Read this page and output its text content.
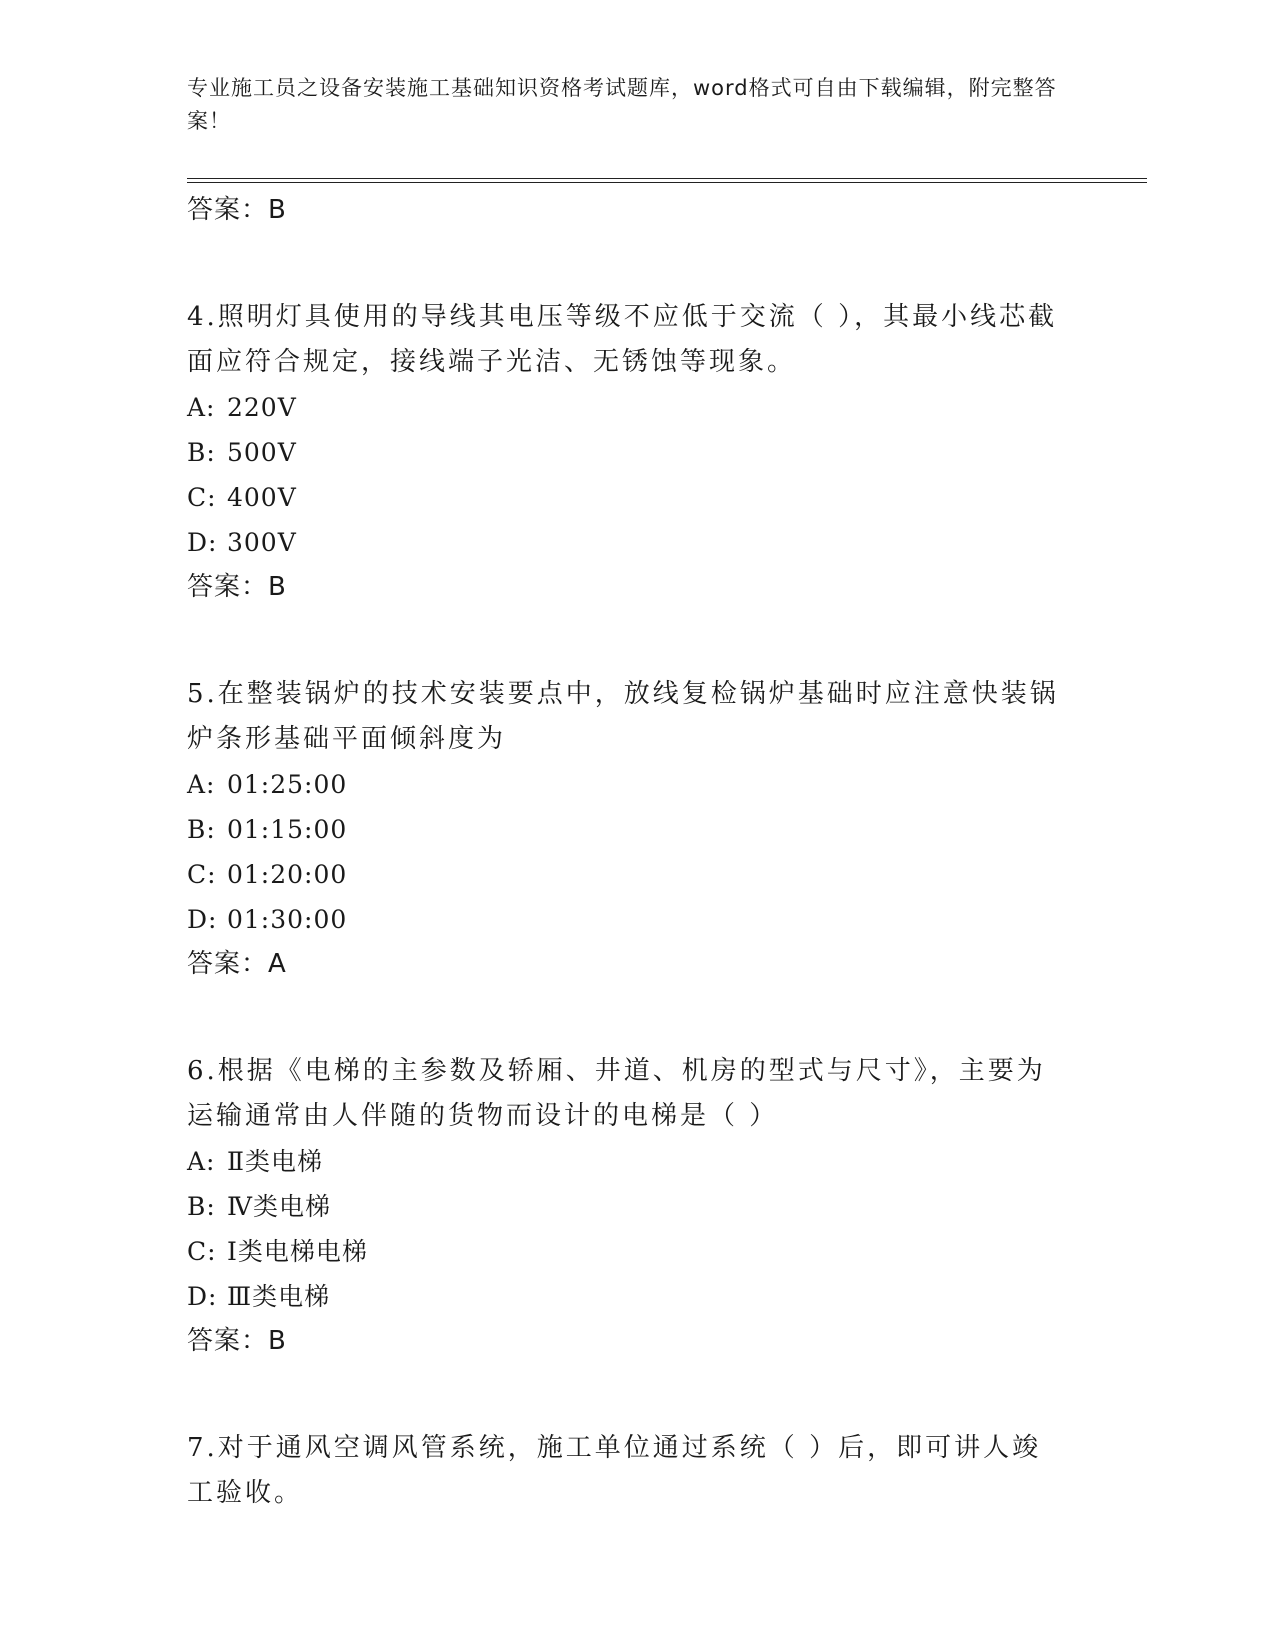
专业施工员之设备安装施工基础知识资格考试题库，word格式可自由下载编辑，附完整答案！
答案：B
4.照明灯具使用的导线其电压等级不应低于交流（ ），其最小线芯截面应符合规定，接线端子光洁、无锈蚀等现象。
A: 220V
B: 500V
C: 400V
D: 300V
答案：B
5.在整装锅炉的技术安装要点中，放线复检锅炉基础时应注意快装锅炉条形基础平面倾斜度为
A: 01:25:00
B: 01:15:00
C: 01:20:00
D: 01:30:00
答案：A
6.根据《电梯的主参数及轿厢、井道、机房的型式与尺寸》，主要为运输通常由人伴随的货物而设计的电梯是（ ）
A: Ⅱ类电梯
B: Ⅳ类电梯
C: Ⅰ类电梯电梯
D: Ⅲ类电梯
答案：B
7.对于通风空调风管系统，施工单位通过系统（ ）后，即可讲人竣工验收。
